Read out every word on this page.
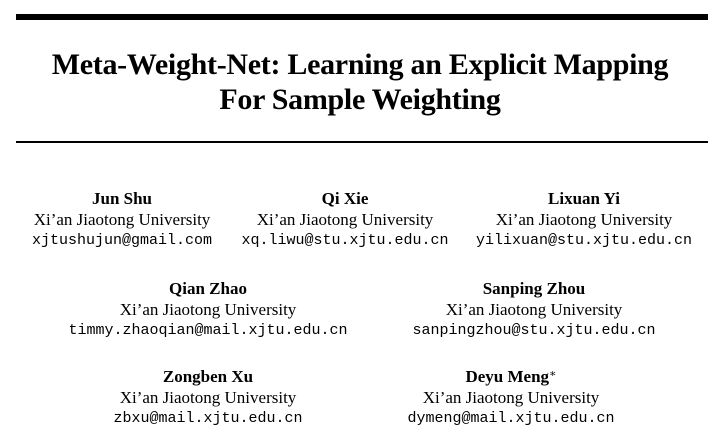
Meta-Weight-Net: Learning an Explicit Mapping
For Sample Weighting
Jun Shu
Xi’an Jiaotong University
xjtushujun@gmail.com
Qi Xie
Xi’an Jiaotong University
xq.liwu@stu.xjtu.edu.cn
Lixuan Yi
Xi’an Jiaotong University
yilixuan@stu.xjtu.edu.cn
Qian Zhao
Xi’an Jiaotong University
timmy.zhaoqian@mail.xjtu.edu.cn
Sanping Zhou
Xi’an Jiaotong University
sanpingzhou@stu.xjtu.edu.cn
Zongben Xu
Xi’an Jiaotong University
zbxu@mail.xjtu.edu.cn
Deyu Meng∗
Xi’an Jiaotong University
dymeng@mail.xjtu.edu.cn
